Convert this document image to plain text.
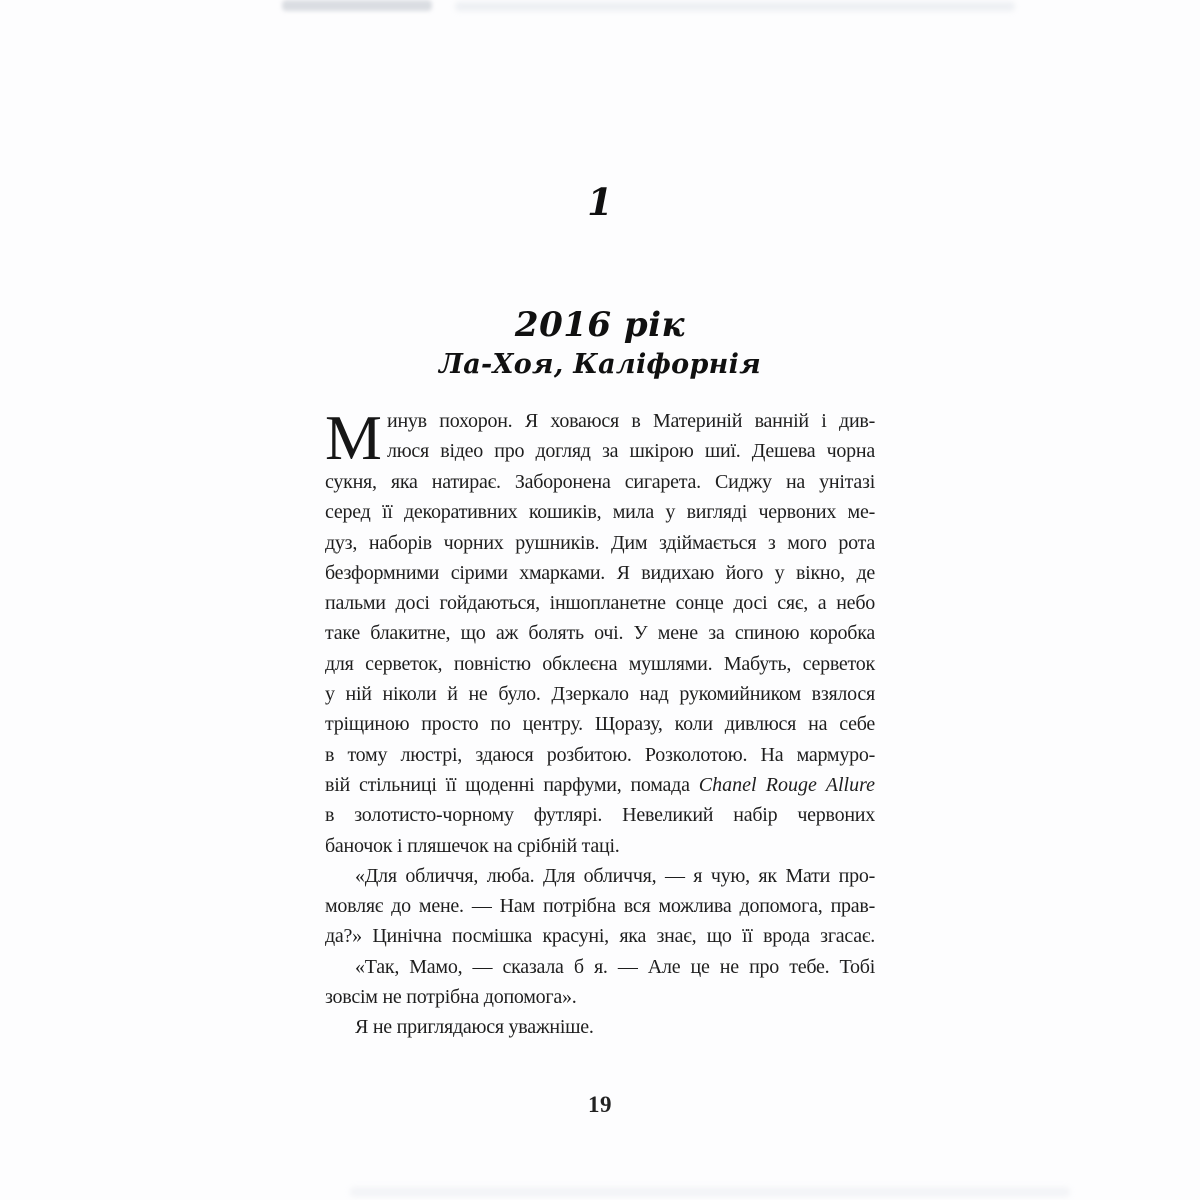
1
2016 рік
Ла-Хоя, Каліфорнія
М инув похорон. Я ховаюся в Материній ванній і див-
люся відео про догляд за шкірою шиї. Дешева чорна
сукня, яка натирає. Заборонена сигарета. Сиджу на унітазі
серед її декоративних кошиків, мила у вигляді червоних ме-
дуз, наборів чорних рушників. Дим здіймається з мого рота
безформними сірими хмарками. Я видихаю його у вікно, де
пальми досі гойдаються, іншопланетне сонце досі сяє, а небо
таке блакитне, що аж болять очі. У мене за спиною коробка
для серветок, повністю обклеєна мушлями. Мабуть, серветок
у ній ніколи й не було. Дзеркало над рукомийником взялося
тріщиною просто по центру. Щоразу, коли дивлюся на себе
в тому люстрі, здаюся розбитою. Розколотою. На мармуро-
вій стільниці її щоденні парфуми, помада Chanel Rouge Allure
в золотисто-чорному футлярі. Невеликий набір червоних
баночок і пляшечок на срібній таці.
«Для обличчя, люба. Для обличчя, — я чую, як Мати про-
мовляє до мене. — Нам потрібна вся можлива допомога, прав-
да?» Цинічна посмішка красуні, яка знає, що її врода згасає.
«Так, Мамо, — сказала б я. — Але це не про тебе. Тобі
зовсім не потрібна допомога».
Я не приглядаюся уважніше.
19
